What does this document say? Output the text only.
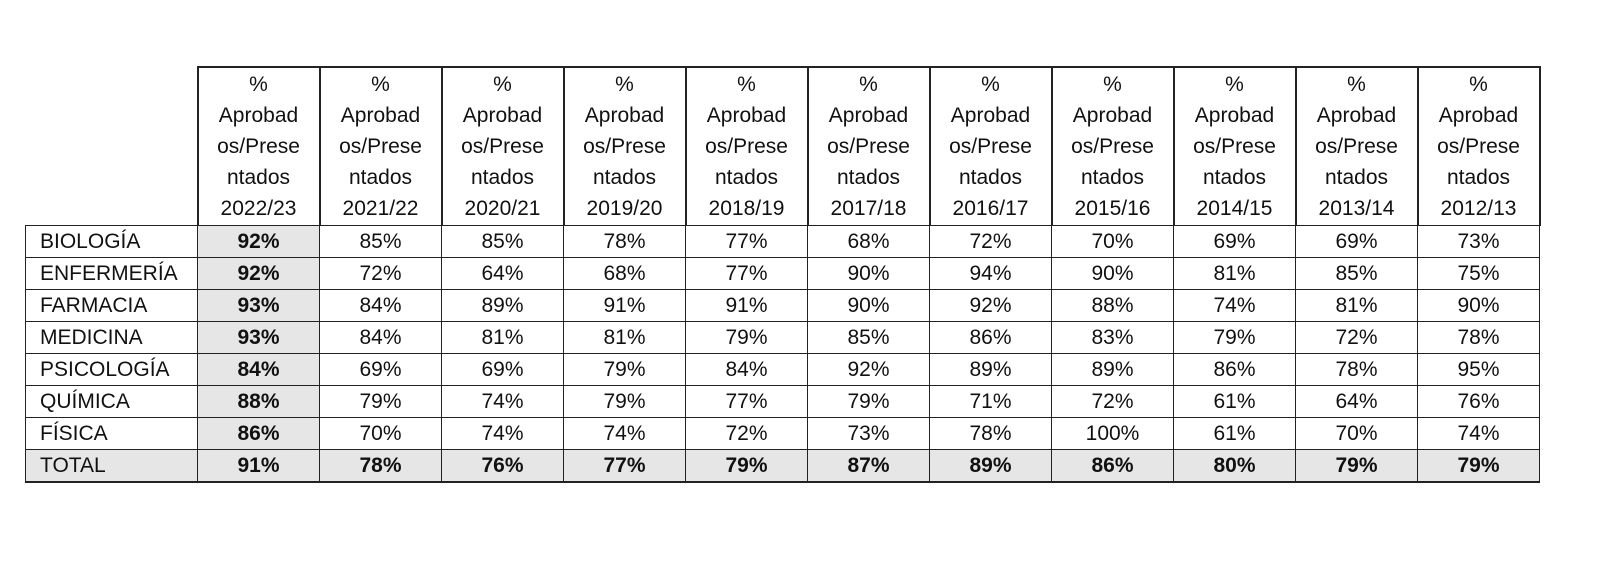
	%
Aprobad
os/Prese
ntados
2022/23	%
Aprobad
os/Prese
ntados
2021/22	%
Aprobad
os/Prese
ntados
2020/21	%
Aprobad
os/Prese
ntados
2019/20	%
Aprobad
os/Prese
ntados
2018/19	%
Aprobad
os/Prese
ntados
2017/18	%
Aprobad
os/Prese
ntados
2016/17	%
Aprobad
os/Prese
ntados
2015/16	%
Aprobad
os/Prese
ntados
2014/15	%
Aprobad
os/Prese
ntados
2013/14	%
Aprobad
os/Prese
ntados
2012/13

BIOLOGÍA	92%	85%	85%	78%	77%	68%	72%	70%	69%	69%	73%
ENFERMERÍA	92%	72%	64%	68%	77%	90%	94%	90%	81%	85%	75%
FARMACIA	93%	84%	89%	91%	91%	90%	92%	88%	74%	81%	90%
MEDICINA	93%	84%	81%	81%	79%	85%	86%	83%	79%	72%	78%
PSICOLOGÍA	84%	69%	69%	79%	84%	92%	89%	89%	86%	78%	95%
QUÍMICA	88%	79%	74%	79%	77%	79%	71%	72%	61%	64%	76%
FÍSICA	86%	70%	74%	74%	72%	73%	78%	100%	61%	70%	74%
TOTAL	91%	78%	76%	77%	79%	87%	89%	86%	80%	79%	79%
